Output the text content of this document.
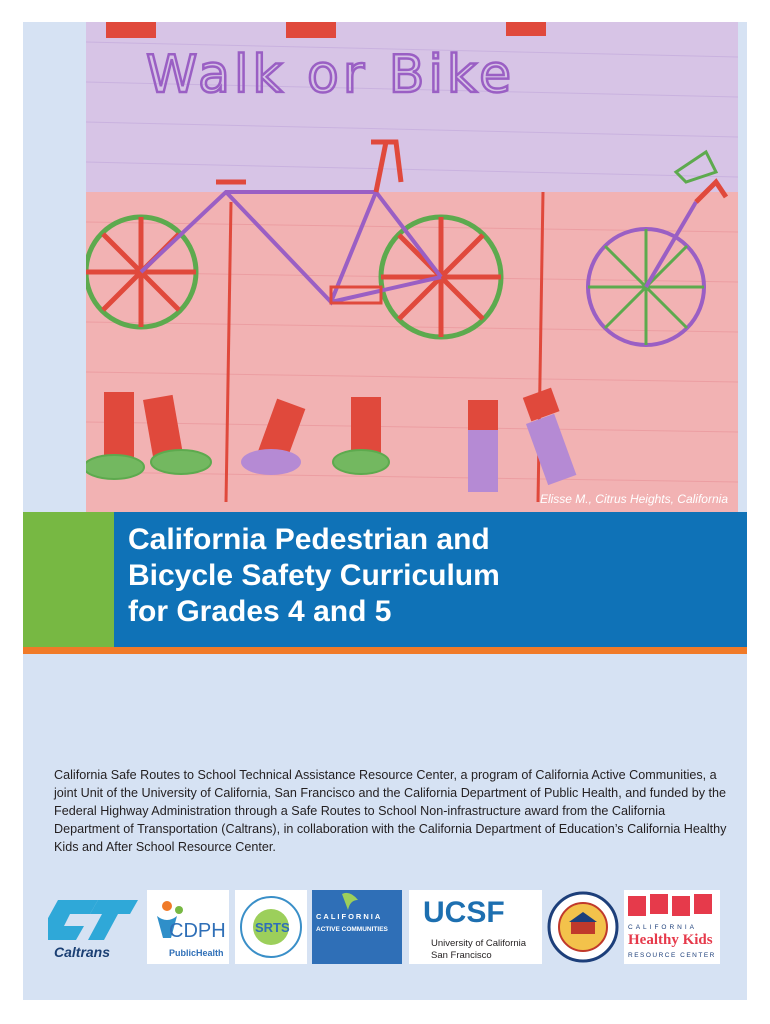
Walk or Bike
Elisse M., Citrus Heights, California
California Pedestrian and
Bicycle Safety Curriculum
for Grades 4 and 5

California Safe Routes to School Technical Assistance Resource Center, a program of California Active Communities, a joint Unit of the University of California, San Francisco and the California Department of Public Health, and funded by the Federal Highway Administration through a Safe Routes to School Non-infrastructure award from the California Department of Transportation (Caltrans), in collaboration with the California Department of Education’s California Healthy Kids and After School Resource Center.

Caltrans
CDPH
PublicHealth
SRTS
CALIFORNIA
ACTIVE COMMUNITIES
UCSF
University of California
San Francisco
CALIFORNIA
Healthy Kids
RESOURCE CENTER
